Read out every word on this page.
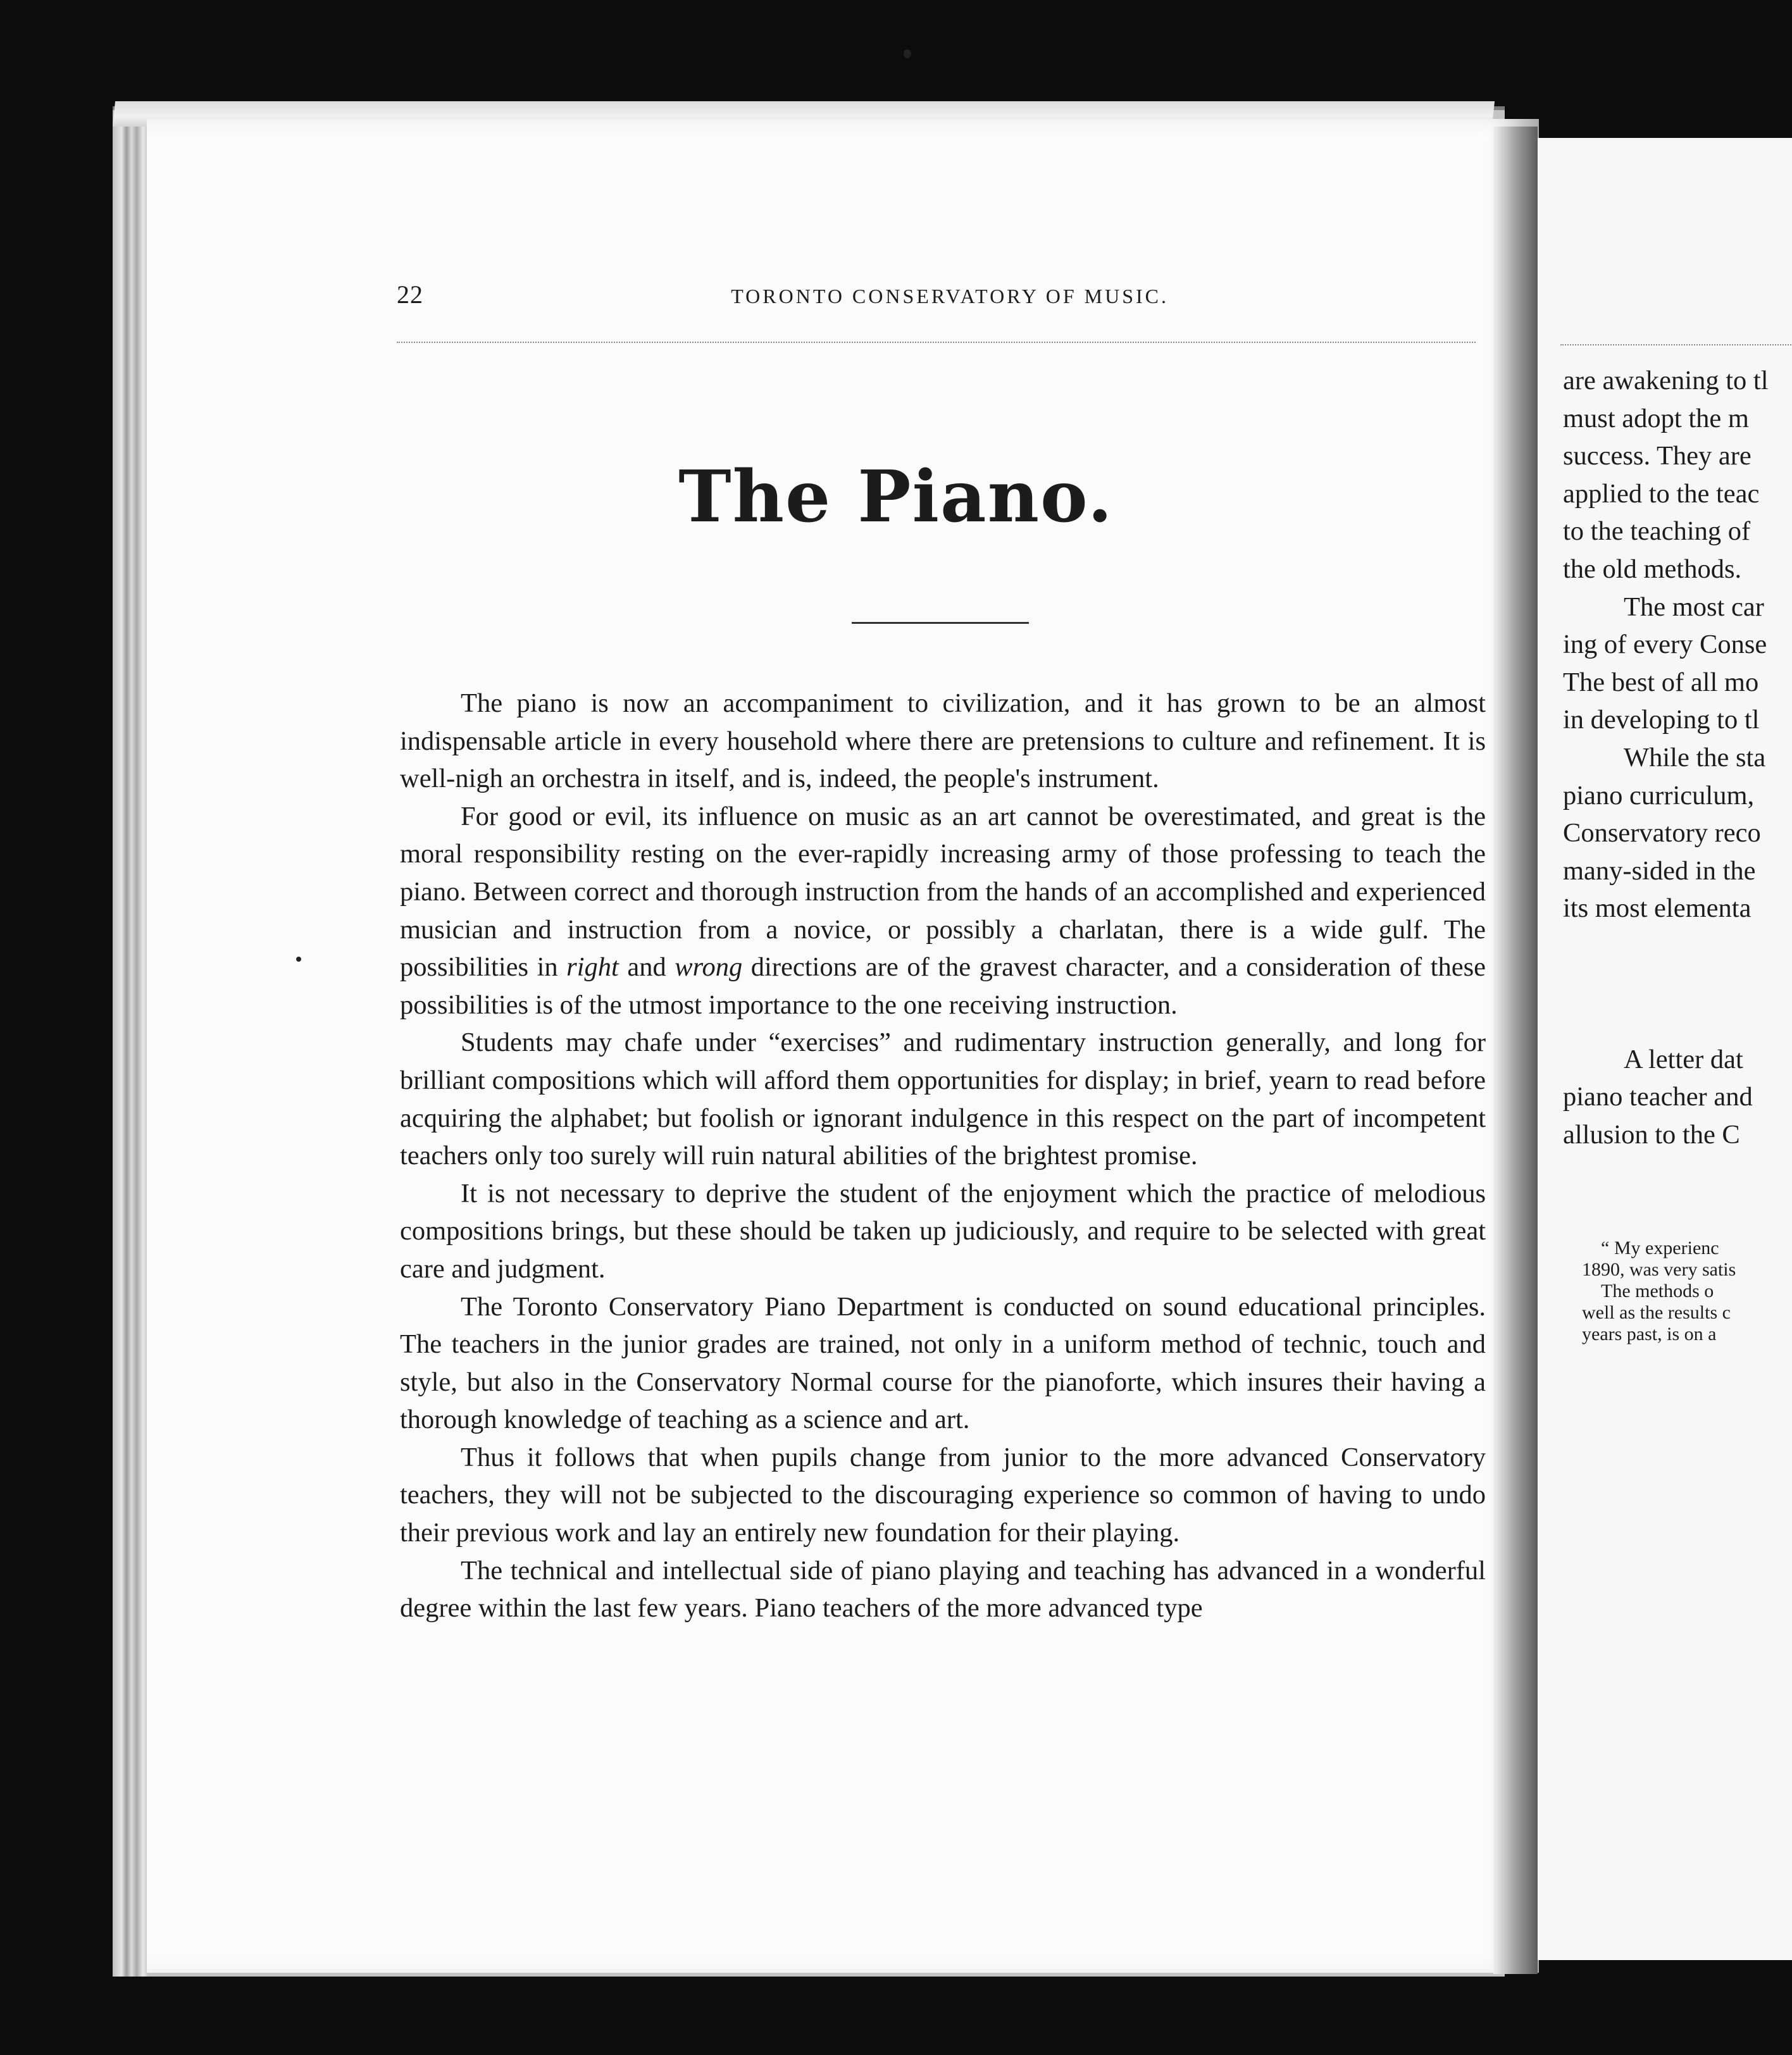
22	TORONTO CONSERVATORY OF MUSIC.
The Piano.

The piano is now an accompaniment to civilization, and it has grown to be an almost indispensable article in every household where there are pretensions to culture and refinement. It is well-nigh an orchestra in itself, and is, indeed, the people's instrument.

For good or evil, its influence on music as an art cannot be overestimated, and great is the moral responsibility resting on the ever-rapidly increasing army of those professing to teach the piano. Between correct and thorough instruction from the hands of an accomplished and experienced musician and instruction from a novice, or possibly a charlatan, there is a wide gulf. The possibilities in right and wrong directions are of the gravest character, and a consideration of these possibilities is of the utmost importance to the one receiving instruction.

Students may chafe under “exercises” and rudimentary instruction generally, and long for brilliant compositions which will afford them opportunities for display; in brief, yearn to read before acquiring the alphabet; but foolish or ignorant indulgence in this respect on the part of incompetent teachers only too surely will ruin natural abilities of the brightest promise.

It is not necessary to deprive the student of the enjoyment which the practice of melodious compositions brings, but these should be taken up judiciously, and require to be selected with great care and judgment.

The Toronto Conservatory Piano Department is conducted on sound educational principles. The teachers in the junior grades are trained, not only in a uniform method of technic, touch and style, but also in the Conservatory Normal course for the pianoforte, which insures their having a thorough knowledge of teaching as a science and art.

Thus it follows that when pupils change from junior to the more advanced Conservatory teachers, they will not be subjected to the discouraging experience so common of having to undo their previous work and lay an entirely new foundation for their playing.

The technical and intellectual side of piano playing and teaching has advanced in a wonderful degree within the last few years. Piano teachers of the more advanced type

are awakening to tl
must adopt the m
success. They are
applied to the teac
to the teaching of
the old methods.
The most car
ing of every Conse
The best of all mo
in developing to tl
While the sta
piano curriculum,
Conservatory reco
many-sided in the
its most elementa

A letter dat
piano teacher and
allusion to the C
“ My experienc
1890, was very satis
The methods o
well as the results c
years past, is on a
